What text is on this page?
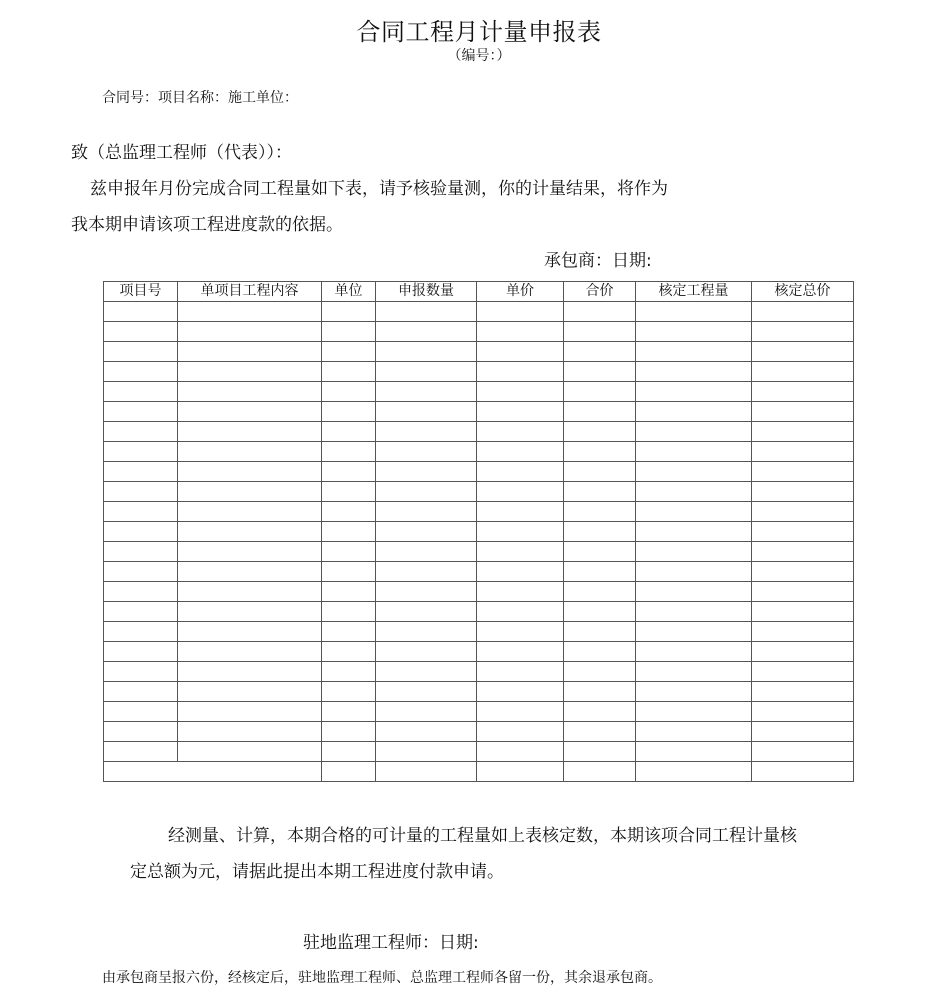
合同工程月计量申报表
（编号：）
合同号：项目名称：施工单位：
致（总监理工程师（代表））：
兹申报年月份完成合同工程量如下表，请予核验量测，你的计量结果，将作为
我本期申请该项工程进度款的依据。
承包商：日期:
项目号	单项目工程内容	单位	申报数量	单价	合价	核定工程量	核定总价

经测量、计算，本期合格的可计量的工程量如上表核定数，本期该项合同工程计量核
定总额为元，请据此提出本期工程进度付款申请。
驻地监理工程师：日期:
由承包商呈报六份，经核定后，驻地监理工程师、总监理工程师各留一份，其余退承包商。
